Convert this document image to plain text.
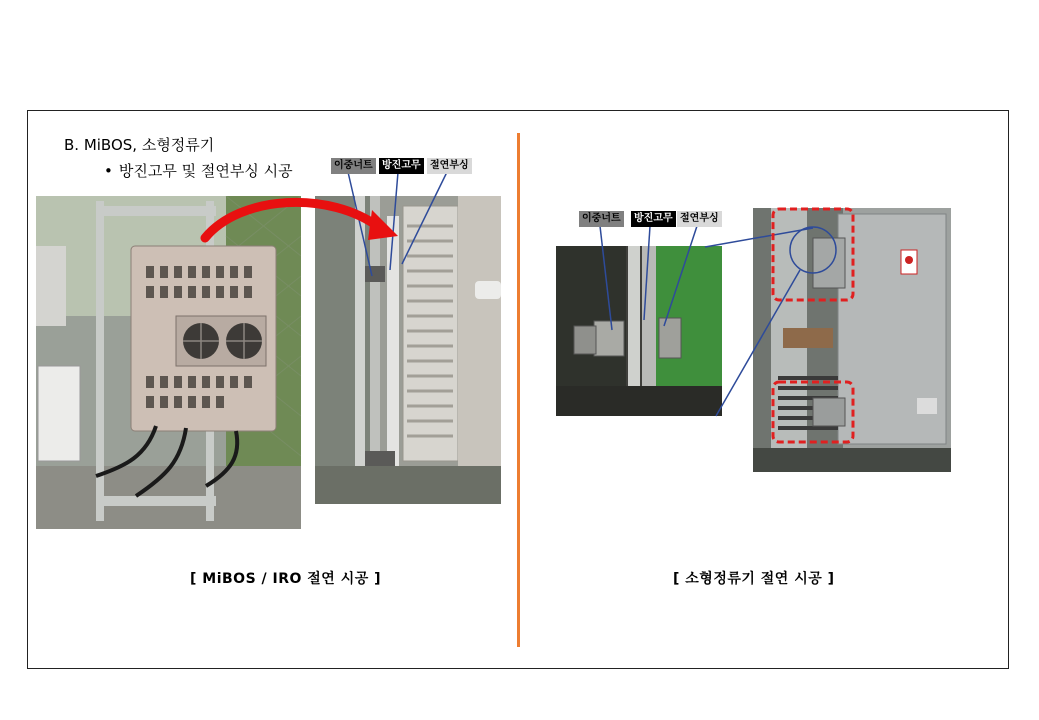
B. MiBOS, 소형정류기
• 방진고무 및 절연부싱 시공	이중너트 방진고무 절연부싱
이중너트	방진고무 절연부싱
[ MiBOS / IRO 절연 시공 ]	[ 소형정류기 절연 시공 ]
